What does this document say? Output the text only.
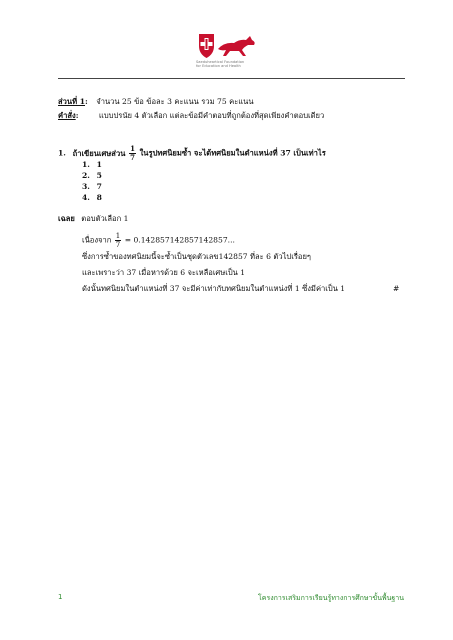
Saeduheartical Foundation
for Education and Health
ส่วนที่ 1: จำนวน 25 ข้อ ข้อละ 3 คะแนน รวม 75 คะแนน
คำสั่ง:	แบบปรนัย 4 ตัวเลือก แต่ละข้อมีคำตอบที่ถูกต้องที่สุดเพียงคำตอบเดียว
1. ถ้าเขียนเศษส่วน $\frac{1}{7}$ ในรูปทศนิยมซ้ำ จะได้ทศนิยมในตำแหน่งที่ 37 เป็นเท่าไร
1. 1
2. 5
3. 7
4. 8
เฉลย ตอบตัวเลือก 1
เนื่องจาก $\frac{1}{7} = 0.142857142857142857$...
ซึ่งการซ้ำของทศนิยมนี้จะซ้ำเป็นชุดตัวเลข142857 ที่ละ 6 ตัวไปเรื่อยๆ
และเพราะว่า 37 เมื่อหารด้วย 6 จะเหลือเศษเป็น 1
ดังนั้นทศนิยมในตำแหน่งที่ 37 จะมีค่าเท่ากับทศนิยมในตำแหน่งที่ 1 ซึ่งมีค่าเป็น 1	#
1	โครงการเสริมการเรียนรู้ทางการศึกษาขั้นพื้นฐาน
